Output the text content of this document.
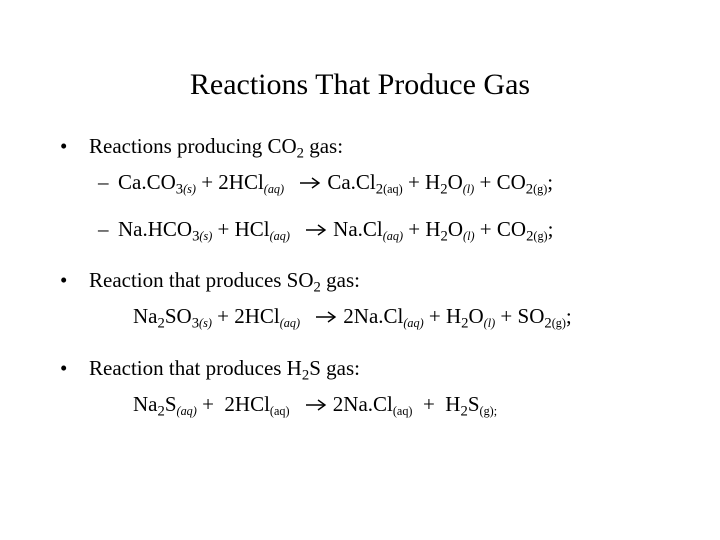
Reactions That Produce Gas
• Reactions producing $CO_2$ gas:
– $Ca.CO_3(s) + 2HCl(aq) Ca.Cl_2(aq) + H_2O(l) + CO_2(g)$;
– $Na.HCO_3(s) + HCl(aq) Na.Cl(aq) + H_2O(l) + CO_2(g)$;
• Reaction that produces $SO_2$ gas:
$Na_2SO_3(s) + 2HCl(aq) 2Na.Cl(aq) + H_2O(l) + SO_2(g)$;
• Reaction that produces $H_2S$ gas:
$Na_2S(aq) + 2HCl(aq) 2Na.Cl(aq) + H_2S(g)$;
